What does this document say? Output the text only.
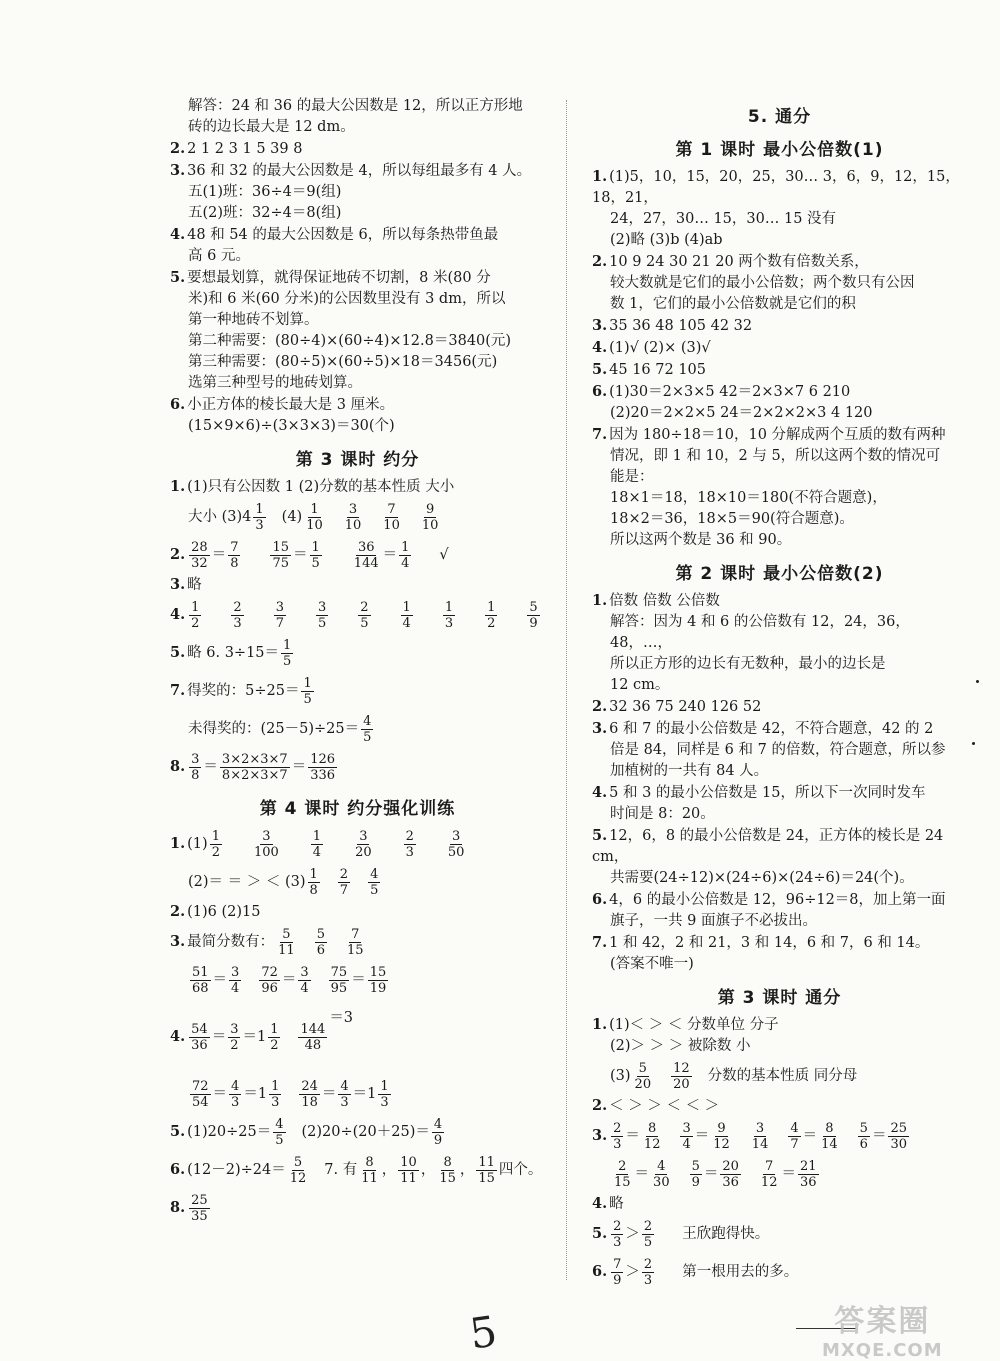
解答：24 和 36 的最大公因数是 12，所以正方形地
砖的边长最大是 12 dm。
2. 2 1 2 3 1 5 39 8
3. 36 和 32 的最大公因数是 4，所以每组最多有 4 人。
五(1)班：36÷4＝9(组)
五(2)班：32÷4＝8(组)
4. 48 和 54 的最大公因数是 6，所以每条热带鱼最
高 6 元。
5. 要想最划算，就得保证地砖不切割，8 米(80 分
米)和 6 米(60 分米)的公因数里没有 3 dm，所以
第一种地砖不划算。
第二种需要：(80÷4)×(60÷4)×12.8＝3840(元)
第三种需要：(80÷5)×(60÷5)×18＝3456(元)
选第三种型号的地砖划算。
6. 小正方体的棱长最大是 3 厘米。
(15×9×6)÷(3×3×3)＝30(个)
第 3 课时 约分
1. (1)只有公因数 1 (2)分数的基本性质 大小
大小 $(3)4 \frac{1}{3} (4) \frac{1}{10} \frac{3}{10} \frac{7}{10} \frac{9}{10}$
2. $\frac{28}{32} = \frac{7}{8} \frac{15}{75} = \frac{1}{5} \frac{36}{144} = \frac{1}{4}$ √
3. 略
4. $\frac{1}{2} \frac{2}{3} \frac{3}{7} \frac{3}{5} \frac{2}{5} \frac{1}{4} \frac{1}{3} \frac{1}{2} \frac{5}{9}$
5. 略 6. $3\div 15= \frac{1}{5}$
7. 得奖的：$5\div 25= \frac{1}{5}$
未得奖的：$(25-5)\div 25= \frac{4}{5}$
8. $\frac{3}{8} = \frac{3\times 2\times 3\times 7}{8\times 2\times 3\times 7} = \frac{126}{336}$
第 4 课时 约分强化训练
1. $(1) \frac{1}{2} \frac{3}{100} \frac{1}{4} \frac{3}{20} \frac{2}{3} \frac{3}{50}$
(2)＝ ＝ ＞ ＜ $(3) \frac{1}{8} \frac{2}{7} \frac{4}{5}$
2. (1)6 (2)15
3. 最简分数有： $\frac{5}{11} \frac{5}{6} \frac{7}{15}$
$\frac{51}{68} = \frac{3}{4} \frac{72}{96} = \frac{3}{4} \frac{75}{95} = \frac{15}{19}$
4. $\frac{54}{36} = \frac{3}{2} =1 \frac{1}{2} \frac{144}{48}$
＝3

$\frac{72}{54} = \frac{4}{3} =1 \frac{1}{3} \frac{24}{18} = \frac{4}{3} =1 \frac{1}{3}$
5. $(1)20\div 25= \frac{4}{5} (2)20\div(20+25)= \frac{4}{9}$
6. $(12-2)\div 24= \frac{5}{12} 7$. 有 $\frac{8}{11}$ ， $\frac{10}{11}$ ， $\frac{8}{15}$ ， $\frac{11}{15}$ 四个。
8. $\frac{25}{35}$
5. 通分
第 1 课时 最小公倍数(1)
1. (1)5，10，15，20，25，30… 3，6，9，12，15，18，21，
24，27，30… 15，30… 15 没有
(2)略 (3)b (4)ab
2. 10 9 24 30 21 20 两个数有倍数关系，
较大数就是它们的最小公倍数；两个数只有公因
数 1，它们的最小公倍数就是它们的积
3. 35 36 48 105 42 32
4. (1)√ (2)× (3)√
5. 45 16 72 105
6. (1)30＝2×3×5 42＝2×3×7 6 210
(2)20＝2×2×5 24＝2×2×2×3 4 120
7. 因为 180÷18＝10，10 分解成两个互质的数有两种
情况，即 1 和 10，2 与 5，所以这两个数的情况可
能是：
18×1＝18，18×10＝180(不符合题意)，
18×2＝36，18×5＝90(符合题意)。
所以这两个数是 36 和 90。
第 2 课时 最小公倍数(2)
1. 倍数 倍数 公倍数
解答：因为 4 和 6 的公倍数有 12，24，36，48，…，
所以正方形的边长有无数种，最小的边长是
12 cm。
2. 32 36 75 240 126 52
3. 6 和 7 的最小公倍数是 42，不符合题意，42 的 2
倍是 84，同样是 6 和 7 的倍数，符合题意，所以参
加植树的一共有 84 人。
4. 5 和 3 的最小公倍数是 15，所以下一次同时发车
时间是 8：20。
5. 12，6，8 的最小公倍数是 24，正方体的棱长是 24 cm，
共需要(24÷12)×(24÷6)×(24÷6)＝24(个)。
6. 4，6 的最小公倍数是 12，96÷12＝8，加上第一面
旗子，一共 9 面旗子不必拔出。
7. 1 和 42，2 和 21，3 和 14，6 和 7，6 和 14。
(答案不唯一)
第 3 课时 通分
1. (1)＜ ＞ ＜ 分数单位 分子
(2)＞ ＞ ＞ 被除数 小
$(3) \frac{5}{20} \frac{12}{20}$ 分数的基本性质 同分母
2. ＜ ＞ ＞ ＜ ＜ ＞
3. $\frac{2}{3} = \frac{8}{12} \frac{3}{4} = \frac{9}{12} \frac{3}{14} \frac{4}{7} = \frac{8}{14} \frac{5}{6} = \frac{25}{30}$
$\frac{2}{15} = \frac{4}{30} \frac{5}{9} = \frac{20}{36} \frac{7}{12} = \frac{21}{36}$
4. 略
5. $\frac{2}{3} > \frac{2}{5}$ 王欣跑得快。
6. $\frac{7}{9} > \frac{2}{3}$ 第一根用去的多。
5	答案圈
MXQE.COM
